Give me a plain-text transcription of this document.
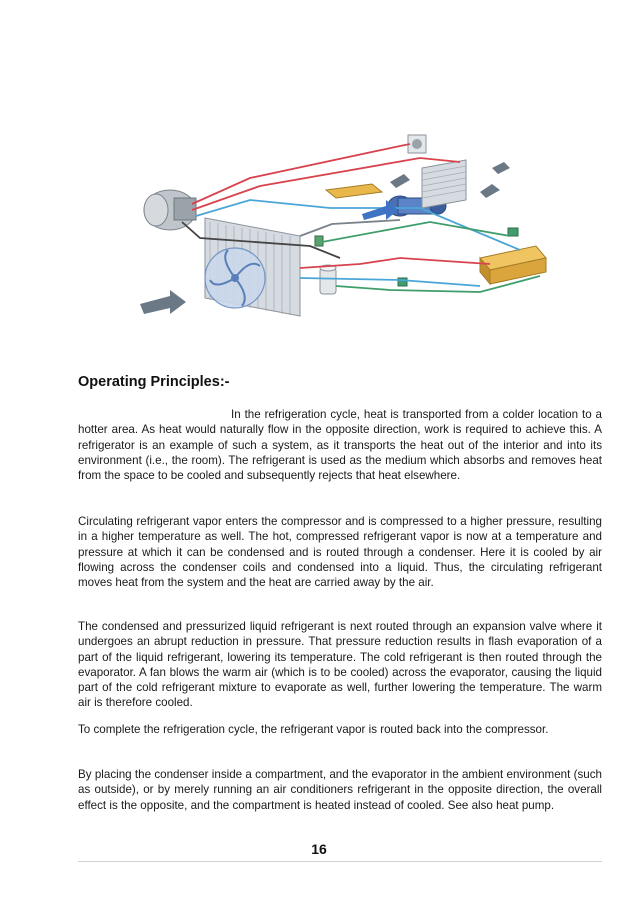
Operating Principles:-

In the refrigeration cycle, heat is transported from a colder location to a hotter area. As heat would naturally flow in the opposite direction, work is required to achieve this. A refrigerator is an example of such a system, as it transports the heat out of the interior and into its environment (i.e., the room). The refrigerant is used as the medium which absorbs and removes heat from the space to be cooled and subsequently rejects that heat elsewhere.

Circulating refrigerant vapor enters the compressor and is compressed to a higher pressure, resulting in a higher temperature as well. The hot, compressed refrigerant vapor is now at a temperature and pressure at which it can be condensed and is routed through a condenser. Here it is cooled by air flowing across the condenser coils and condensed into a liquid. Thus, the circulating refrigerant moves heat from the system and the heat are carried away by the air.

The condensed and pressurized liquid refrigerant is next routed through an expansion valve where it undergoes an abrupt reduction in pressure. That pressure reduction results in flash evaporation of a part of the liquid refrigerant, lowering its temperature. The cold refrigerant is then routed through the evaporator. A fan blows the warm air (which is to be cooled) across the evaporator, causing the liquid part of the cold refrigerant mixture to evaporate as well, further lowering the temperature. The warm air is therefore cooled.

To complete the refrigeration cycle, the refrigerant vapor is routed back into the compressor.

By placing the condenser inside a compartment, and the evaporator in the ambient environment (such as outside), or by merely running an air conditioners refrigerant in the opposite direction, the overall effect is the opposite, and the compartment is heated instead of cooled. See also heat pump.

16
